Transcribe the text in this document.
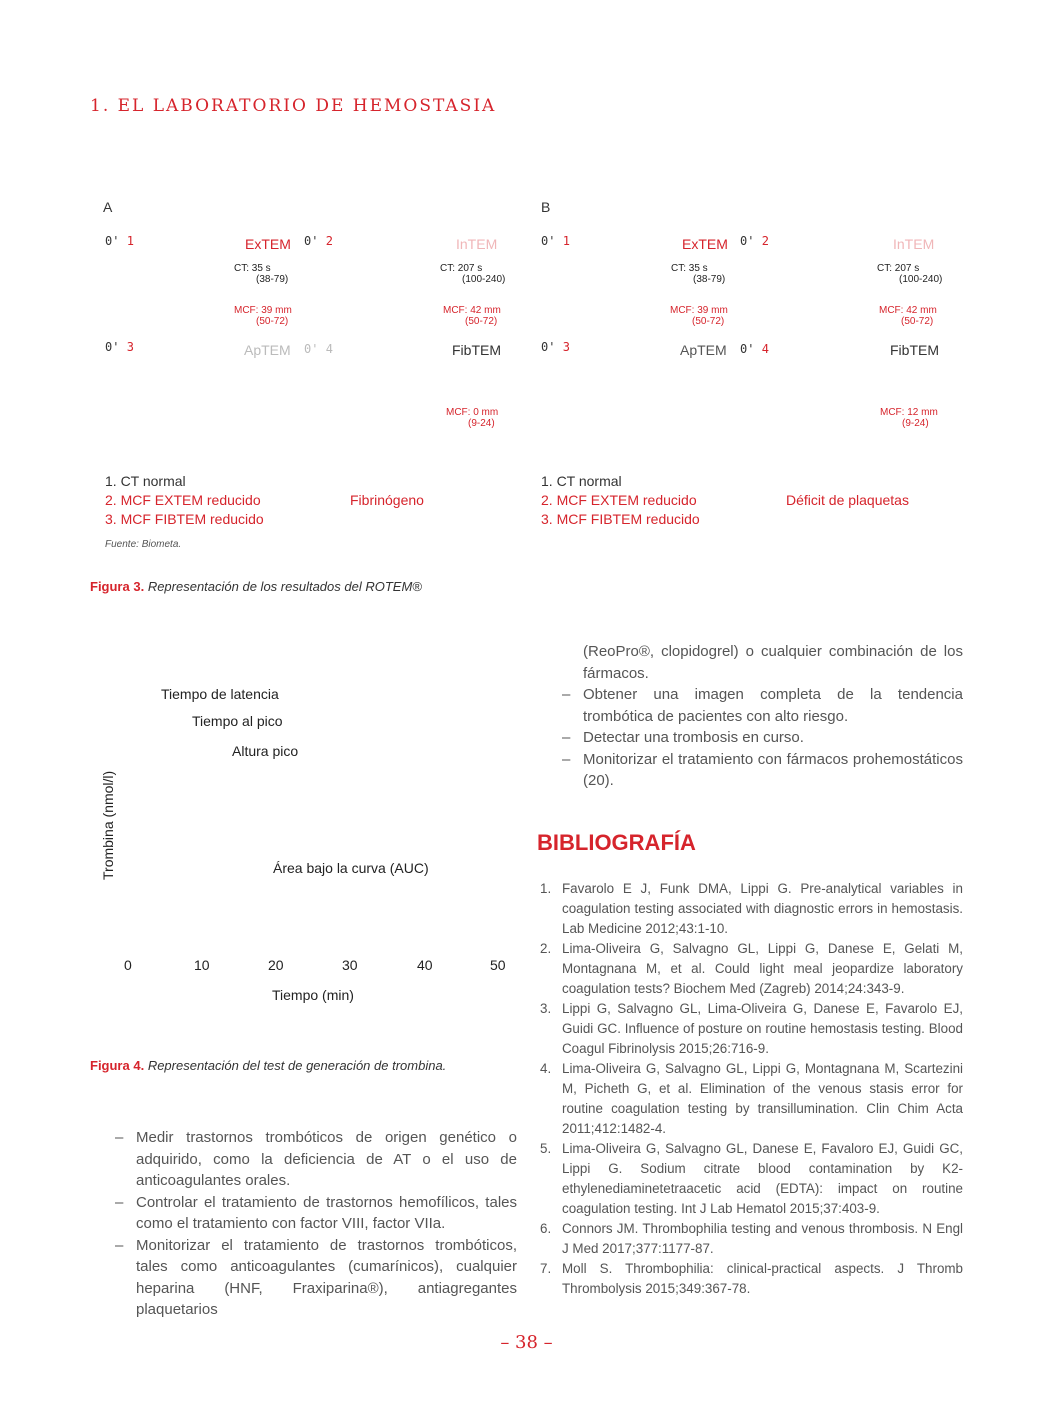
1. EL LABORATORIO DE HEMOSTASIA
A
0' 1	0' 2
0' 3	0' 4
ExTEM	InTEM
ApTEM	FibTEM
CT: 35 s
(38-79)
MCF: 39 mm
(50-72)
CT: 207 s
(100-240)
MCF: 42 mm
(50-72)
MCF: 0 mm
(9-24)
1. CT normal
2. MCF EXTEM reducido
3. MCF FIBTEM reducido
Fibrinógeno
B
0' 1	0' 2
0' 3	0' 4
ExTEM	InTEM
ApTEM	FibTEM
CT: 35 s
(38-79)
MCF: 39 mm
(50-72)
CT: 207 s
(100-240)
MCF: 42 mm
(50-72)
MCF: 12 mm
(9-24)
1. CT normal
2. MCF EXTEM reducido
3. MCF FIBTEM reducido
Déficit de plaquetas
Fuente: Biometa.
Figura 3. Representación de los resultados del ROTEM®
Tiempo de latencia
Tiempo al pico
Altura pico
Área bajo la curva (AUC)
Trombina (nmol/l)
0	10	20	30	40	50
Tiempo (min)
Figura 4. Representación del test de generación de trombina.
– Medir trastornos trombóticos de origen genético o adquirido, como la deficiencia de AT o el uso de anticoagulantes orales.
– Controlar el tratamiento de trastornos hemofílicos, tales como el tratamiento con factor VIII, factor VIIa.
– Monitorizar el tratamiento de trastornos trombóticos, tales como anticoagulantes (cumarínicos), cualquier heparina (HNF, Fraxiparina®), antiagregantes plaquetarios
(ReoPro®, clopidogrel) o cualquier combinación de los fármacos.
– Obtener una imagen completa de la tendencia trombótica de pacientes con alto riesgo.
– Detectar una trombosis en curso.
– Monitorizar el tratamiento con fármacos prohemostáticos (20).
BIBLIOGRAFÍA
1. Favarolo E J, Funk DMA, Lippi G. Pre-analytical variables in coagulation testing associated with diagnostic errors in hemostasis. Lab Medicine 2012;43:1-10.
2. Lima-Oliveira G, Salvagno GL, Lippi G, Danese E, Gelati M, Montagnana M, et al. Could light meal jeopardize laboratory coagulation tests? Biochem Med (Zagreb) 2014;24:343-9.
3. Lippi G, Salvagno GL, Lima-Oliveira G, Danese E, Favarolo EJ, Guidi GC. Influence of posture on routine hemostasis testing. Blood Coagul Fibrinolysis 2015;26:716-9.
4. Lima-Oliveira G, Salvagno GL, Lippi G, Montagnana M, Scartezini M, Picheth G, et al. Elimination of the venous stasis error for routine coagulation testing by transillumination. Clin Chim Acta 2011;412:1482-4.
5. Lima-Oliveira G, Salvagno GL, Danese E, Favaloro EJ, Guidi GC, Lippi G. Sodium citrate blood contamination by K2-ethylenediaminetetraacetic acid (EDTA): impact on routine coagulation testing. Int J Lab Hematol 2015;37:403-9.
6. Connors JM. Thrombophilia testing and venous thrombosis. N Engl J Med 2017;377:1177-87.
7. Moll S. Thrombophilia: clinical-practical aspects. J Thromb Thrombolysis 2015;349:367-78.
– 38 –
